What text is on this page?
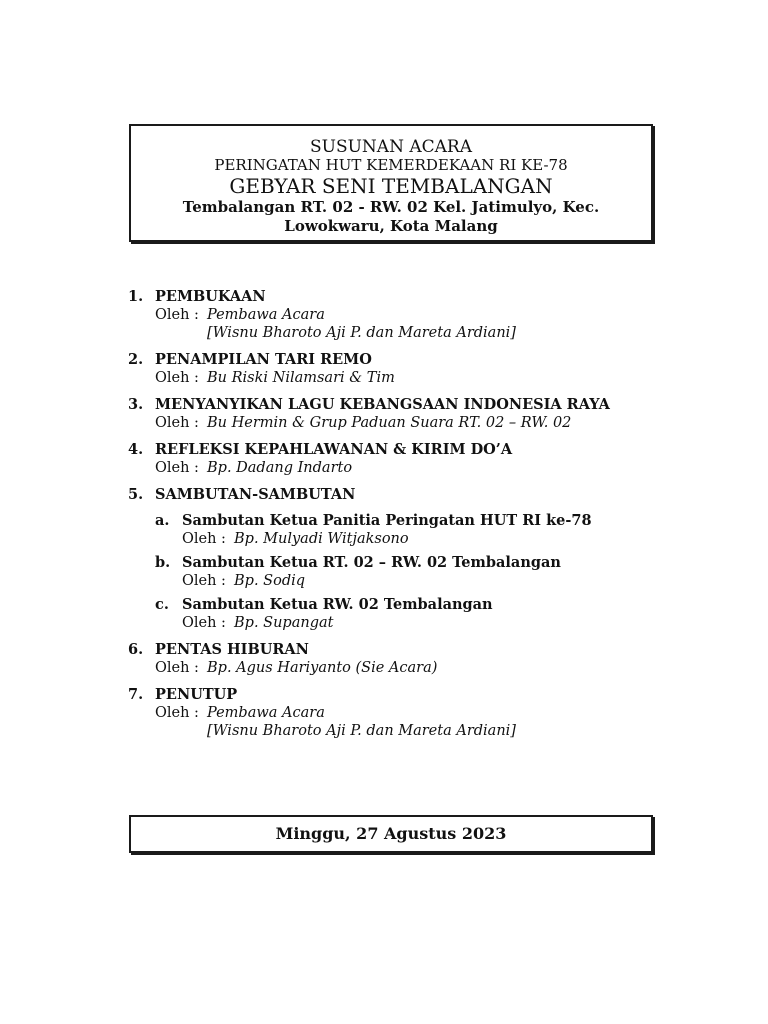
SUSUNAN ACARA
PERINGATAN HUT KEMERDEKAAN RI KE-78
GEBYAR SENI TEMBALANGAN
Tembalangan RT. 02 - RW. 02 Kel. Jatimulyo, Kec. Lowokwaru, Kota Malang
1. PEMBUKAAN
Oleh : Pembawa Acara
[Wisnu Bharoto Aji P. dan Mareta Ardiani]
2. PENAMPILAN TARI REMO
Oleh : Bu Riski Nilamsari & Tim
3. MENYANYIKAN LAGU KEBANGSAAN INDONESIA RAYA
Oleh : Bu Hermin & Grup Paduan Suara RT. 02 – RW. 02
4. REFLEKSI KEPAHLAWANAN & KIRIM DO’A
Oleh : Bp. Dadang Indarto
5. SAMBUTAN-SAMBUTAN
a. Sambutan Ketua Panitia Peringatan HUT RI ke-78
Oleh : Bp. Mulyadi Witjaksono
b. Sambutan Ketua RT. 02 – RW. 02 Tembalangan
Oleh : Bp. Sodiq
c. Sambutan Ketua RW. 02 Tembalangan
Oleh : Bp. Supangat
6. PENTAS HIBURAN
Oleh : Bp. Agus Hariyanto (Sie Acara)
7. PENUTUP
Oleh : Pembawa Acara
[Wisnu Bharoto Aji P. dan Mareta Ardiani]
Minggu, 27 Agustus 2023
